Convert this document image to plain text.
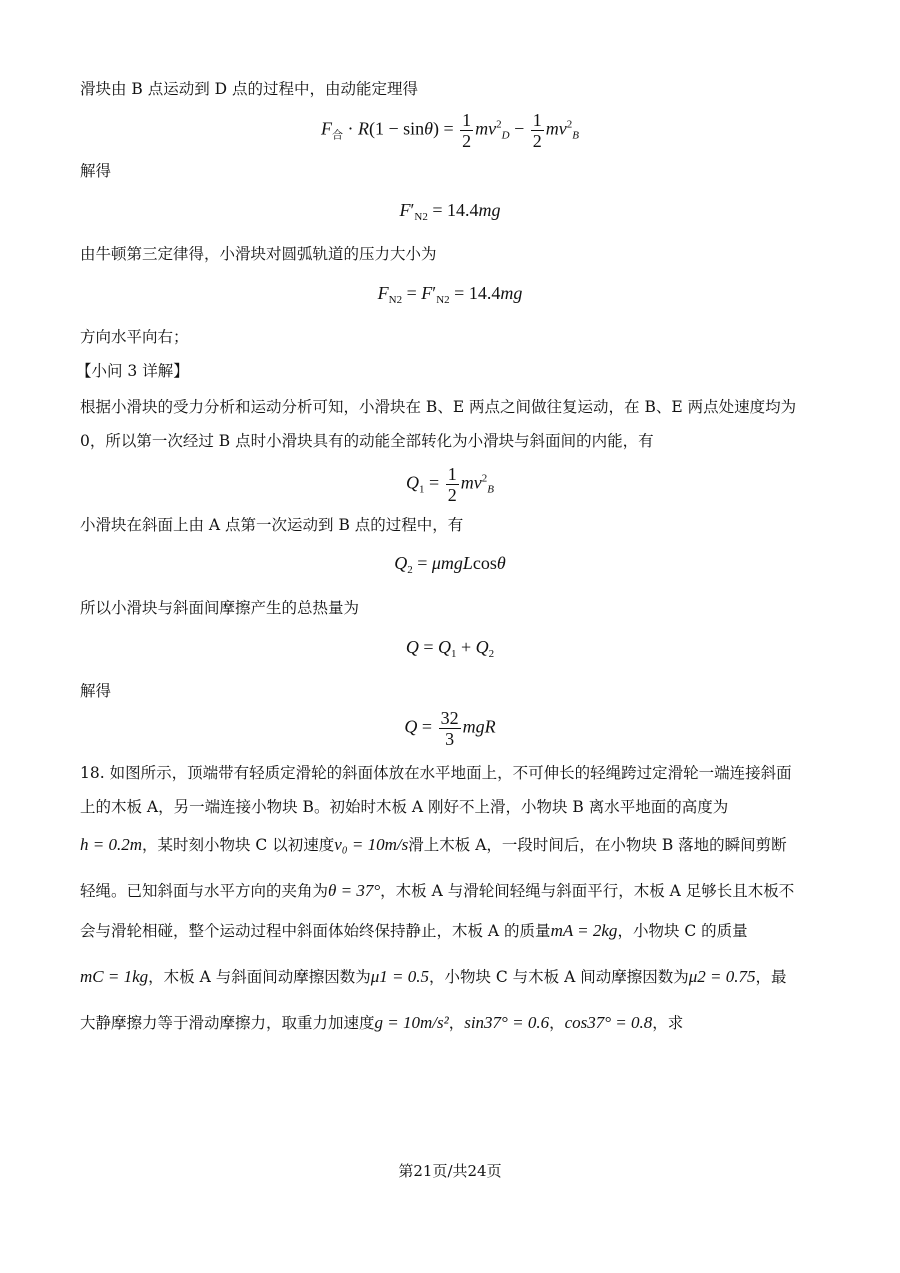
滑块由 B 点运动到 D 点的过程中，由动能定理得
$F_合 \cdot R(1 - \sin\theta) = \frac{1}{2} mv^2_D - \frac{1}{2} mv^2_B$
解得
$F'_{N2} = 14.4mg$
由牛顿第三定律得，小滑块对圆弧轨道的压力大小为
$F_{N2} = F'_{N2} = 14.4mg$
方向水平向右；
【小问 3 详解】
根据小滑块的受力分析和运动分析可知，小滑块在 B、E 两点之间做往复运动，在 B、E 两点处速度均为
0，所以第一次经过 B 点时小滑块具有的动能全部转化为小滑块与斜面间的内能，有
$Q_1 = \frac{1}{2} mv^2_B$
小滑块在斜面上由 A 点第一次运动到 B 点的过程中，有
$Q_2 = \mu mgLcos\theta$
所以小滑块与斜面间摩擦产生的总热量为
$Q = Q_1 + Q_2$
解得
$Q = \frac{32}{3}$ mgR
18. 如图所示，顶端带有轻质定滑轮的斜面体放在水平地面上，不可伸长的轻绳跨过定滑轮一端连接斜面
上的木板 A，另一端连接小物块 B。初始时木板 A 刚好不上滑，小物块 B 离水平地面的高度为
h = 0.2m，某时刻小物块 C 以初速度v₀ = 10m/s滑上木板 A，一段时间后，在小物块 B 落地的瞬间剪断
轻绳。已知斜面与水平方向的夹角为θ = 37°，木板 A 与滑轮间轻绳与斜面平行，木板 A 足够长且木板不
会与滑轮相碰，整个运动过程中斜面体始终保持静止，木板 A 的质量mA = 2kg，小物块 C 的质量
mC = 1kg，木板 A 与斜面间动摩擦因数为μ1 = 0.5，小物块 C 与木板 A 间动摩擦因数为μ2 = 0.75，最
大静摩擦力等于滑动摩擦力，取重力加速度g = 10m/s²，sin37° = 0.6，cos37° = 0.8，求
第21页/共24页
